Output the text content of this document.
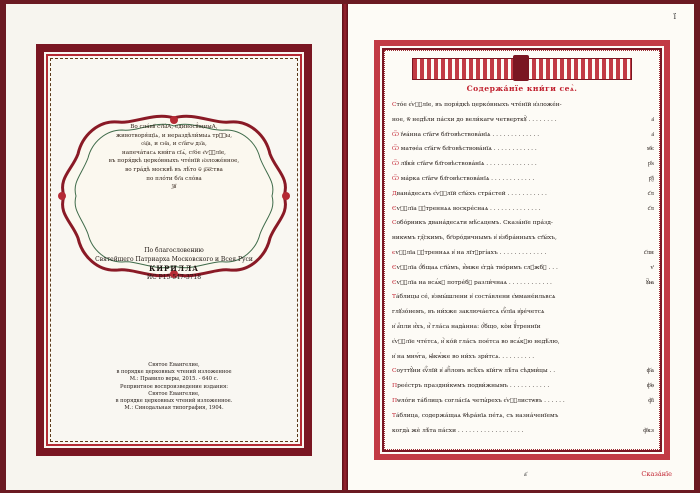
Во сла́вꙋ ст҃ы́А, единосꙋ́щныА,
животворя́щїѧ, и нераздѣли́мыѧ трⷪ҇ы,
ѻ҆ц҃а, и сн҃а, и ст҃а́гѡ дх҃а,
напеча́тасѧ кни́га сїѧ̀, ст҃о́е є҆ѵⷢ҇лїе,
въ поря́дкѣ церко́вныхъ чте́нїй и҆зложе́нное,
во гра́дѣ москвѣ̀ въ лѣ́то ѿ р҇ж҇ства
по пло́ти бг҃а сло́ва
ѯꙋ
По благословению
Святейшего Патриарха Московского и Всея Руси
КИРИЛЛА
ИС Р15-547-3718
Святое Евангелие,
в порядке церковных чтений изложенное
М.: Правило веры, 2015. - 640 с.
Репринтное воспроизведение издания:
Святое Евангелие,
в порядке церковных чтений изложенное.
М.: Синодальная типография, 1904.
ї
Содержа́нїе кни́ги сеѧ̀.
Сто́е є҆ѵⷢ҇лїе, въ поря́дкѣ церко́вныхъ чте́нїй и҆зложе́н-
ное, ѿ недѣ́ли па́схи до вели́кагѡ четверткꙋ̀ . . . . . . . .	а҃
Ѿ ї҆ѡа́нна ст҃а́гѡ бл҃говѣствова́нїѧ . . . . . . . . . . . . .	а҃
Ѿ матѳе́а ст҃а́гѡ бл҃говѣствова́нїѧ . . . . . . . . . . . .	м҃є
Ѿ лꙋкѝ ст҃а́гѡ бл҃говѣствова́нїѧ . . . . . . . . . . . . . .	р҃ѕ
Ѿ ма́рка ст҃а́гѡ бл҃говѣствова́нїѧ . . . . . . . . . . . .	р҃ѯ
Двана́десѧть є҆ѵⷢ҇лїй ст҃ы́хъ стра́стей . . . . . . . . . . .	с҃л
Єѵⷢ҇лїа ꙋ҆́треннѧѧ воскре́снаѧ . . . . . . . . . . . . . .	с҃л
Собо́рникъ двана́десѧти мѣ́сѧцемъ. Сказа́нїе пра́зд-
никѡмъ гд҇скимъ, бг҃оро́дичнымъ и҆ и҆збра́нныхъ ст҃ы́хъ,
єѵⷢ҇лїа ꙋ҆́треннѧѧ и҆ на лїтꙋргі́ахъ . . . . . . . . . . . . .	с҃лн
Єѵⷢ҇лїа ѻ҆́бщаѧ ст҃ы́мъ, и҆̀мже є҆гда̀ тво́римъ слꙋ́жбꙋ . . .	ѵ҃
Єѵⷢ҇лїа на всѧ́кꙋ потре́бꙋ разли́чнаѧ . . . . . . . . . . . .	ꙋ҃ꙗ
Та́блицы се́, и҆змы́шлени и҆ соста́влени є҆ммане́ильвсѧ
глꙋзо́немъ, въ ни́хже заключа́етсѧ є҆ѵⷢ҇лїа и҆ҏе́четсѧ
и҆ а҆́пли и҆́хъ, и҆̀ гла́са нада̀нна: ѻ҆́бщо, ко̀и ꙋ҆́треннїи
є҆ѵⷢ҇лїе чте́тсѧ, и҆̀ ко́й гла́съ пое́тса во всѧ́кꙋю недѣ́лю,
и҆ на мнѡ́га, ꙗ҆кѡ́же во ни́хъ зри́тсѧ. . . . . . . . . .
Соуттꙋ̀ни є҆ѵⷢ҇лїй и҆ а҆пⷭ҇ловъ всѣ́хъ кїи́гѡ лѣ́та сѣдми́цы . .	ф҃а
Прее́стръ праздни́кѡмъ подви́жнымъ . . . . . . . . . . .	ф҃ѳ
Пѡло́ги та́блицъ согла́сїѧ четы́рехъ є҆ѵⷢ҇листѡвъ . . . . . .	ф҃і
Та́блица, содержа́щаѧ ѿѣра́нїѧ пе́тѧ, съ назна́ченїемъ
когда̀ жѐ лѣ́та па́схи . . . . . . . . . . . . . . . . . .	ф҃кз
а҃	Сказа́нїе
